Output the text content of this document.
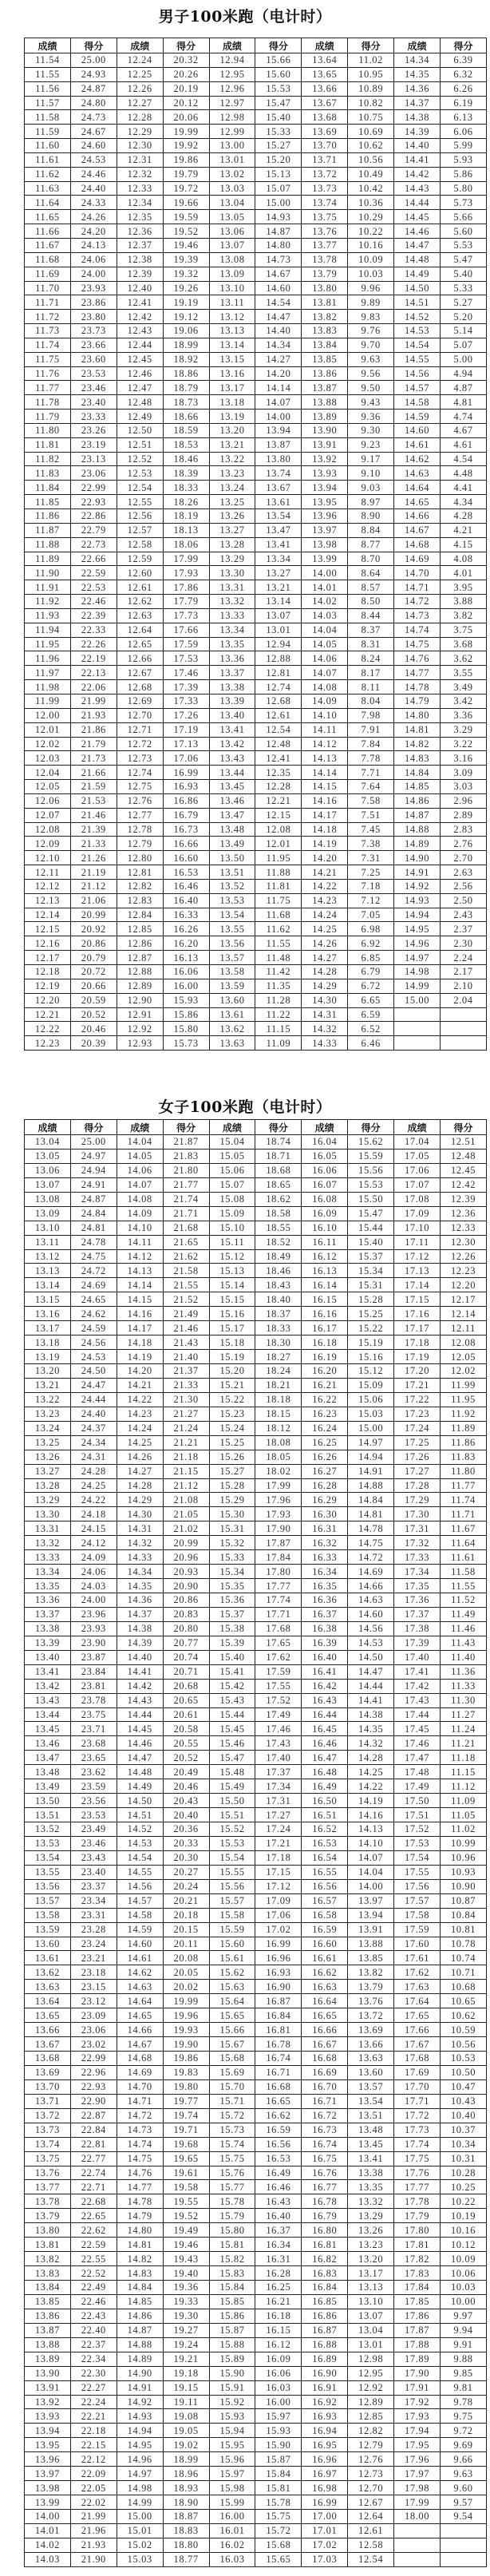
男子100米跑（电计时）
成绩	得分	成绩	得分	成绩	得分	成绩	得分	成绩	得分
11.54	25.00	12.24	20.32	12.94	15.66	13.64	11.02	14.34	6.39
11.55	24.93	12.25	20.26	12.95	15.60	13.65	10.95	14.35	6.32
11.56	24.87	12.26	20.19	12.96	15.53	13.66	10.89	14.36	6.26
11.57	24.80	12.27	20.12	12.97	15.47	13.67	10.82	14.37	6.19
11.58	24.73	12.28	20.06	12.98	15.40	13.68	10.75	14.38	6.13
11.59	24.67	12.29	19.99	12.99	15.33	13.69	10.69	14.39	6.06
11.60	24.60	12.30	19.92	13.00	15.27	13.70	10.62	14.40	5.99
11.61	24.53	12.31	19.86	13.01	15.20	13.71	10.56	14.41	5.93
11.62	24.46	12.32	19.79	13.02	15.13	13.72	10.49	14.42	5.86
11.63	24.40	12.33	19.72	13.03	15.07	13.73	10.42	14.43	5.80
11.64	24.33	12.34	19.66	13.04	15.00	13.74	10.36	14.44	5.73
11.65	24.26	12.35	19.59	13.05	14.93	13.75	10.29	14.45	5.66
11.66	24.20	12.36	19.52	13.06	14.87	13.76	10.22	14.46	5.60
11.67	24.13	12.37	19.46	13.07	14.80	13.77	10.16	14.47	5.53
11.68	24.06	12.38	19.39	13.08	14.73	13.78	10.09	14.48	5.47
11.69	24.00	12.39	19.32	13.09	14.67	13.79	10.03	14.49	5.40
11.70	23.93	12.40	19.26	13.10	14.60	13.80	9.96	14.50	5.33
11.71	23.86	12.41	19.19	13.11	14.54	13.81	9.89	14.51	5.27
11.72	23.80	12.42	19.12	13.12	14.47	13.82	9.83	14.52	5.20
11.73	23.73	12.43	19.06	13.13	14.40	13.83	9.76	14.53	5.14
11.74	23.66	12.44	18.99	13.14	14.34	13.84	9.70	14.54	5.07
11.75	23.60	12.45	18.92	13.15	14.27	13.85	9.63	14.55	5.00
11.76	23.53	12.46	18.86	13.16	14.20	13.86	9.56	14.56	4.94
11.77	23.46	12.47	18.79	13.17	14.14	13.87	9.50	14.57	4.87
11.78	23.40	12.48	18.73	13.18	14.07	13.88	9.43	14.58	4.81
11.79	23.33	12.49	18.66	13.19	14.00	13.89	9.36	14.59	4.74
11.80	23.26	12.50	18.59	13.20	13.94	13.90	9.30	14.60	4.67
11.81	23.19	12.51	18.53	13.21	13.87	13.91	9.23	14.61	4.61
11.82	23.13	12.52	18.46	13.22	13.80	13.92	9.17	14.62	4.54
11.83	23.06	12.53	18.39	13.23	13.74	13.93	9.10	14.63	4.48
11.84	22.99	12.54	18.33	13.24	13.67	13.94	9.03	14.64	4.41
11.85	22.93	12.55	18.26	13.25	13.61	13.95	8.97	14.65	4.34
11.86	22.86	12.56	18.19	13.26	13.54	13.96	8.90	14.66	4.28
11.87	22.79	12.57	18.13	13.27	13.47	13.97	8.84	14.67	4.21
11.88	22.73	12.58	18.06	13.28	13.41	13.98	8.77	14.68	4.15
11.89	22.66	12.59	17.99	13.29	13.34	13.99	8.70	14.69	4.08
11.90	22.59	12.60	17.93	13.30	13.27	14.00	8.64	14.70	4.01
11.91	22.53	12.61	17.86	13.31	13.21	14.01	8.57	14.71	3.95
11.92	22.46	12.62	17.79	13.32	13.14	14.02	8.50	14.72	3.88
11.93	22.39	12.63	17.73	13.33	13.07	14.03	8.44	14.73	3.82
11.94	22.33	12.64	17.66	13.34	13.01	14.04	8.37	14.74	3.75
11.95	22.26	12.65	17.59	13.35	12.94	14.05	8.31	14.75	3.68
11.96	22.19	12.66	17.53	13.36	12.88	14.06	8.24	14.76	3.62
11.97	22.13	12.67	17.46	13.37	12.81	14.07	8.17	14.77	3.55
11.98	22.06	12.68	17.39	13.38	12.74	14.08	8.11	14.78	3.49
11.99	21.99	12.69	17.33	13.39	12.68	14.09	8.04	14.79	3.42
12.00	21.93	12.70	17.26	13.40	12.61	14.10	7.98	14.80	3.36
12.01	21.86	12.71	17.19	13.41	12.54	14.11	7.91	14.81	3.29
12.02	21.79	12.72	17.13	13.42	12.48	14.12	7.84	14.82	3.22
12.03	21.73	12.73	17.06	13.43	12.41	14.13	7.78	14.83	3.16
12.04	21.66	12.74	16.99	13.44	12.35	14.14	7.71	14.84	3.09
12.05	21.59	12.75	16.93	13.45	12.28	14.15	7.64	14.85	3.03
12.06	21.53	12.76	16.86	13.46	12.21	14.16	7.58	14.86	2.96
12.07	21.46	12.77	16.79	13.47	12.15	14.17	7.51	14.87	2.89
12.08	21.39	12.78	16.73	13.48	12.08	14.18	7.45	14.88	2.83
12.09	21.33	12.79	16.66	13.49	12.01	14.19	7.38	14.89	2.76
12.10	21.26	12.80	16.60	13.50	11.95	14.20	7.31	14.90	2.70
12.11	21.19	12.81	16.53	13.51	11.88	14.21	7.25	14.91	2.63
12.12	21.12	12.82	16.46	13.52	11.81	14.22	7.18	14.92	2.56
12.13	21.06	12.83	16.40	13.53	11.75	14.23	7.12	14.93	2.50
12.14	20.99	12.84	16.33	13.54	11.68	14.24	7.05	14.94	2.43
12.15	20.92	12.85	16.26	13.55	11.62	14.25	6.98	14.95	2.37
12.16	20.86	12.86	16.20	13.56	11.55	14.26	6.92	14.96	2.30
12.17	20.79	12.87	16.13	13.57	11.48	14.27	6.85	14.97	2.24
12.18	20.72	12.88	16.06	13.58	11.42	14.28	6.79	14.98	2.17
12.19	20.66	12.89	16.00	13.59	11.35	14.29	6.72	14.99	2.10
12.20	20.59	12.90	15.93	13.60	11.28	14.30	6.65	15.00	2.04
12.21	20.52	12.91	15.86	13.61	11.22	14.31	6.59		
12.22	20.46	12.92	15.80	13.62	11.15	14.32	6.52		
12.23	20.39	12.93	15.73	13.63	11.09	14.33	6.46		
女子100米跑（电计时）
成绩	得分	成绩	得分	成绩	得分	成绩	得分	成绩	得分
13.04	25.00	14.04	21.87	15.04	18.74	16.04	15.62	17.04	12.51
13.05	24.97	14.05	21.83	15.05	18.71	16.05	15.59	17.05	12.48
13.06	24.94	14.06	21.80	15.06	18.68	16.06	15.56	17.06	12.45
13.07	24.91	14.07	21.77	15.07	18.65	16.07	15.53	17.07	12.42
13.08	24.87	14.08	21.74	15.08	18.62	16.08	15.50	17.08	12.39
13.09	24.84	14.09	21.71	15.09	18.58	16.09	15.47	17.09	12.36
13.10	24.81	14.10	21.68	15.10	18.55	16.10	15.44	17.10	12.33
13.11	24.78	14.11	21.65	15.11	18.52	16.11	15.40	17.11	12.30
13.12	24.75	14.12	21.62	15.12	18.49	16.12	15.37	17.12	12.26
13.13	24.72	14.13	21.58	15.13	18.46	16.13	15.34	17.13	12.23
13.14	24.69	14.14	21.55	15.14	18.43	16.14	15.31	17.14	12.20
13.15	24.65	14.15	21.52	15.15	18.40	16.15	15.28	17.15	12.17
13.16	24.62	14.16	21.49	15.16	18.37	16.16	15.25	17.16	12.14
13.17	24.59	14.17	21.46	15.17	18.33	16.17	15.22	17.17	12.11
13.18	24.56	14.18	21.43	15.18	18.30	16.18	15.19	17.18	12.08
13.19	24.53	14.19	21.40	15.19	18.27	16.19	15.16	17.19	12.05
13.20	24.50	14.20	21.37	15.20	18.24	16.20	15.12	17.20	12.02
13.21	24.47	14.21	21.33	15.21	18.21	16.21	15.09	17.21	11.99
13.22	24.44	14.22	21.30	15.22	18.18	16.22	15.06	17.22	11.95
13.23	24.40	14.23	21.27	15.23	18.15	16.23	15.03	17.23	11.92
13.24	24.37	14.24	21.24	15.24	18.12	16.24	15.00	17.24	11.89
13.25	24.34	14.25	21.21	15.25	18.08	16.25	14.97	17.25	11.86
13.26	24.31	14.26	21.18	15.26	18.05	16.26	14.94	17.26	11.83
13.27	24.28	14.27	21.15	15.27	18.02	16.27	14.91	17.27	11.80
13.28	24.25	14.28	21.12	15.28	17.99	16.28	14.88	17.28	11.77
13.29	24.22	14.29	21.08	15.29	17.96	16.29	14.84	17.29	11.74
13.30	24.18	14.30	21.05	15.30	17.93	16.30	14.81	17.30	11.71
13.31	24.15	14.31	21.02	15.31	17.90	16.31	14.78	17.31	11.67
13.32	24.12	14.32	20.99	15.32	17.87	16.32	14.75	17.32	11.64
13.33	24.09	14.33	20.96	15.33	17.84	16.33	14.72	17.33	11.61
13.34	24.06	14.34	20.93	15.34	17.80	16.34	14.69	17.34	11.58
13.35	24.03	14.35	20.90	15.35	17.77	16.35	14.66	17.35	11.55
13.36	24.00	14.36	20.86	15.36	17.74	16.36	14.63	17.36	11.52
13.37	23.96	14.37	20.83	15.37	17.71	16.37	14.60	17.37	11.49
13.38	23.93	14.38	20.80	15.38	17.68	16.38	14.56	17.38	11.46
13.39	23.90	14.39	20.77	15.39	17.65	16.39	14.53	17.39	11.43
13.40	23.87	14.40	20.74	15.40	17.62	16.40	14.50	17.40	11.40
13.41	23.84	14.41	20.71	15.41	17.59	16.41	14.47	17.41	11.36
13.42	23.81	14.42	20.68	15.42	17.55	16.42	14.44	17.42	11.33
13.43	23.78	14.43	20.65	15.43	17.52	16.43	14.41	17.43	11.30
13.44	23.75	14.44	20.61	15.44	17.49	16.44	14.38	17.44	11.27
13.45	23.71	14.45	20.58	15.45	17.46	16.45	14.35	17.45	11.24
13.46	23.68	14.46	20.55	15.46	17.43	16.46	14.32	17.46	11.21
13.47	23.65	14.47	20.52	15.47	17.40	16.47	14.28	17.47	11.18
13.48	23.62	14.48	20.49	15.48	17.37	16.48	14.25	17.48	11.15
13.49	23.59	14.49	20.46	15.49	17.34	16.49	14.22	17.49	11.12
13.50	23.56	14.50	20.43	15.50	17.31	16.50	14.19	17.50	11.09
13.51	23.53	14.51	20.40	15.51	17.27	16.51	14.16	17.51	11.05
13.52	23.49	14.52	20.36	15.52	17.24	16.52	14.13	17.52	11.02
13.53	23.46	14.53	20.33	15.53	17.21	16.53	14.10	17.53	10.99
13.54	23.43	14.54	20.30	15.54	17.18	16.54	14.07	17.54	10.96
13.55	23.40	14.55	20.27	15.55	17.15	16.55	14.04	17.55	10.93
13.56	23.37	14.56	20.24	15.56	17.12	16.56	14.00	17.56	10.90
13.57	23.34	14.57	20.21	15.57	17.09	16.57	13.97	17.57	10.87
13.58	23.31	14.58	20.18	15.58	17.06	16.58	13.94	17.58	10.84
13.59	23.28	14.59	20.15	15.59	17.02	16.59	13.91	17.59	10.81
13.60	23.24	14.60	20.11	15.60	16.99	16.60	13.88	17.60	10.78
13.61	23.21	14.61	20.08	15.61	16.96	16.61	13.85	17.61	10.74
13.62	23.18	14.62	20.05	15.62	16.93	16.62	13.82	17.62	10.71
13.63	23.15	14.63	20.02	15.63	16.90	16.63	13.79	17.63	10.68
13.64	23.12	14.64	19.99	15.64	16.87	16.64	13.76	17.64	10.65
13.65	23.09	14.65	19.96	15.65	16.84	16.65	13.72	17.65	10.62
13.66	23.06	14.66	19.93	15.66	16.81	16.66	13.69	17.66	10.59
13.67	23.02	14.67	19.90	15.67	16.78	16.67	13.66	17.67	10.56
13.68	22.99	14.68	19.86	15.68	16.74	16.68	13.63	17.68	10.53
13.69	22.96	14.69	19.83	15.69	16.71	16.69	13.60	17.69	10.50
13.70	22.93	14.70	19.80	15.70	16.68	16.70	13.57	17.70	10.47
13.71	22.90	14.71	19.77	15.71	16.65	16.71	13.54	17.71	10.43
13.72	22.87	14.72	19.74	15.72	16.62	16.72	13.51	17.72	10.40
13.73	22.84	14.73	19.71	15.73	16.59	16.73	13.48	17.73	10.37
13.74	22.81	14.74	19.68	15.74	16.56	16.74	13.45	17.74	10.34
13.75	22.77	14.75	19.65	15.75	16.53	16.75	13.41	17.75	10.31
13.76	22.74	14.76	19.61	15.76	16.49	16.76	13.38	17.76	10.28
13.77	22.71	14.77	19.58	15.77	16.46	16.77	13.35	17.77	10.25
13.78	22.68	14.78	19.55	15.78	16.43	16.78	13.32	17.78	10.22
13.79	22.65	14.79	19.52	15.79	16.40	16.79	13.29	17.79	10.19
13.80	22.62	14.80	19.49	15.80	16.37	16.80	13.26	17.80	10.16
13.81	22.59	14.81	19.46	15.81	16.34	16.81	13.23	17.81	10.12
13.82	22.55	14.82	19.43	15.82	16.31	16.82	13.20	17.82	10.09
13.83	22.52	14.83	19.40	15.83	16.28	16.83	13.17	17.83	10.06
13.84	22.49	14.84	19.36	15.84	16.25	16.84	13.13	17.84	10.03
13.85	22.46	14.85	19.33	15.85	16.21	16.85	13.10	17.85	10.00
13.86	22.43	14.86	19.30	15.86	16.18	16.86	13.07	17.86	9.97
13.87	22.40	14.87	19.27	15.87	16.15	16.87	13.04	17.87	9.94
13.88	22.37	14.88	19.24	15.88	16.12	16.88	13.01	17.88	9.91
13.89	22.34	14.89	19.21	15.89	16.09	16.89	12.98	17.89	9.88
13.90	22.30	14.90	19.18	15.90	16.06	16.90	12.95	17.90	9.85
13.91	22.27	14.91	19.15	15.91	16.03	16.91	12.92	17.91	9.81
13.92	22.24	14.92	19.11	15.92	16.00	16.92	12.89	17.92	9.78
13.93	22.21	14.93	19.08	15.93	15.97	16.93	12.85	17.93	9.75
13.94	22.18	14.94	19.05	15.94	15.93	16.94	12.82	17.94	9.72
13.95	22.15	14.95	19.02	15.95	15.90	16.95	12.79	17.95	9.69
13.96	22.12	14.96	18.99	15.96	15.87	16.96	12.76	17.96	9.66
13.97	22.09	14.97	18.96	15.97	15.84	16.97	12.73	17.97	9.63
13.98	22.05	14.98	18.93	15.98	15.81	16.98	12.70	17.98	9.60
13.99	22.02	14.99	18.90	15.99	15.78	16.99	12.67	17.99	9.57
14.00	21.99	15.00	18.87	16.00	15.75	17.00	12.64	18.00	9.54
14.01	21.96	15.01	18.83	16.01	15.72	17.01	12.61		
14.02	21.93	15.02	18.80	16.02	15.68	17.02	12.58		
14.03	21.90	15.03	18.77	16.03	15.65	17.03	12.54		
